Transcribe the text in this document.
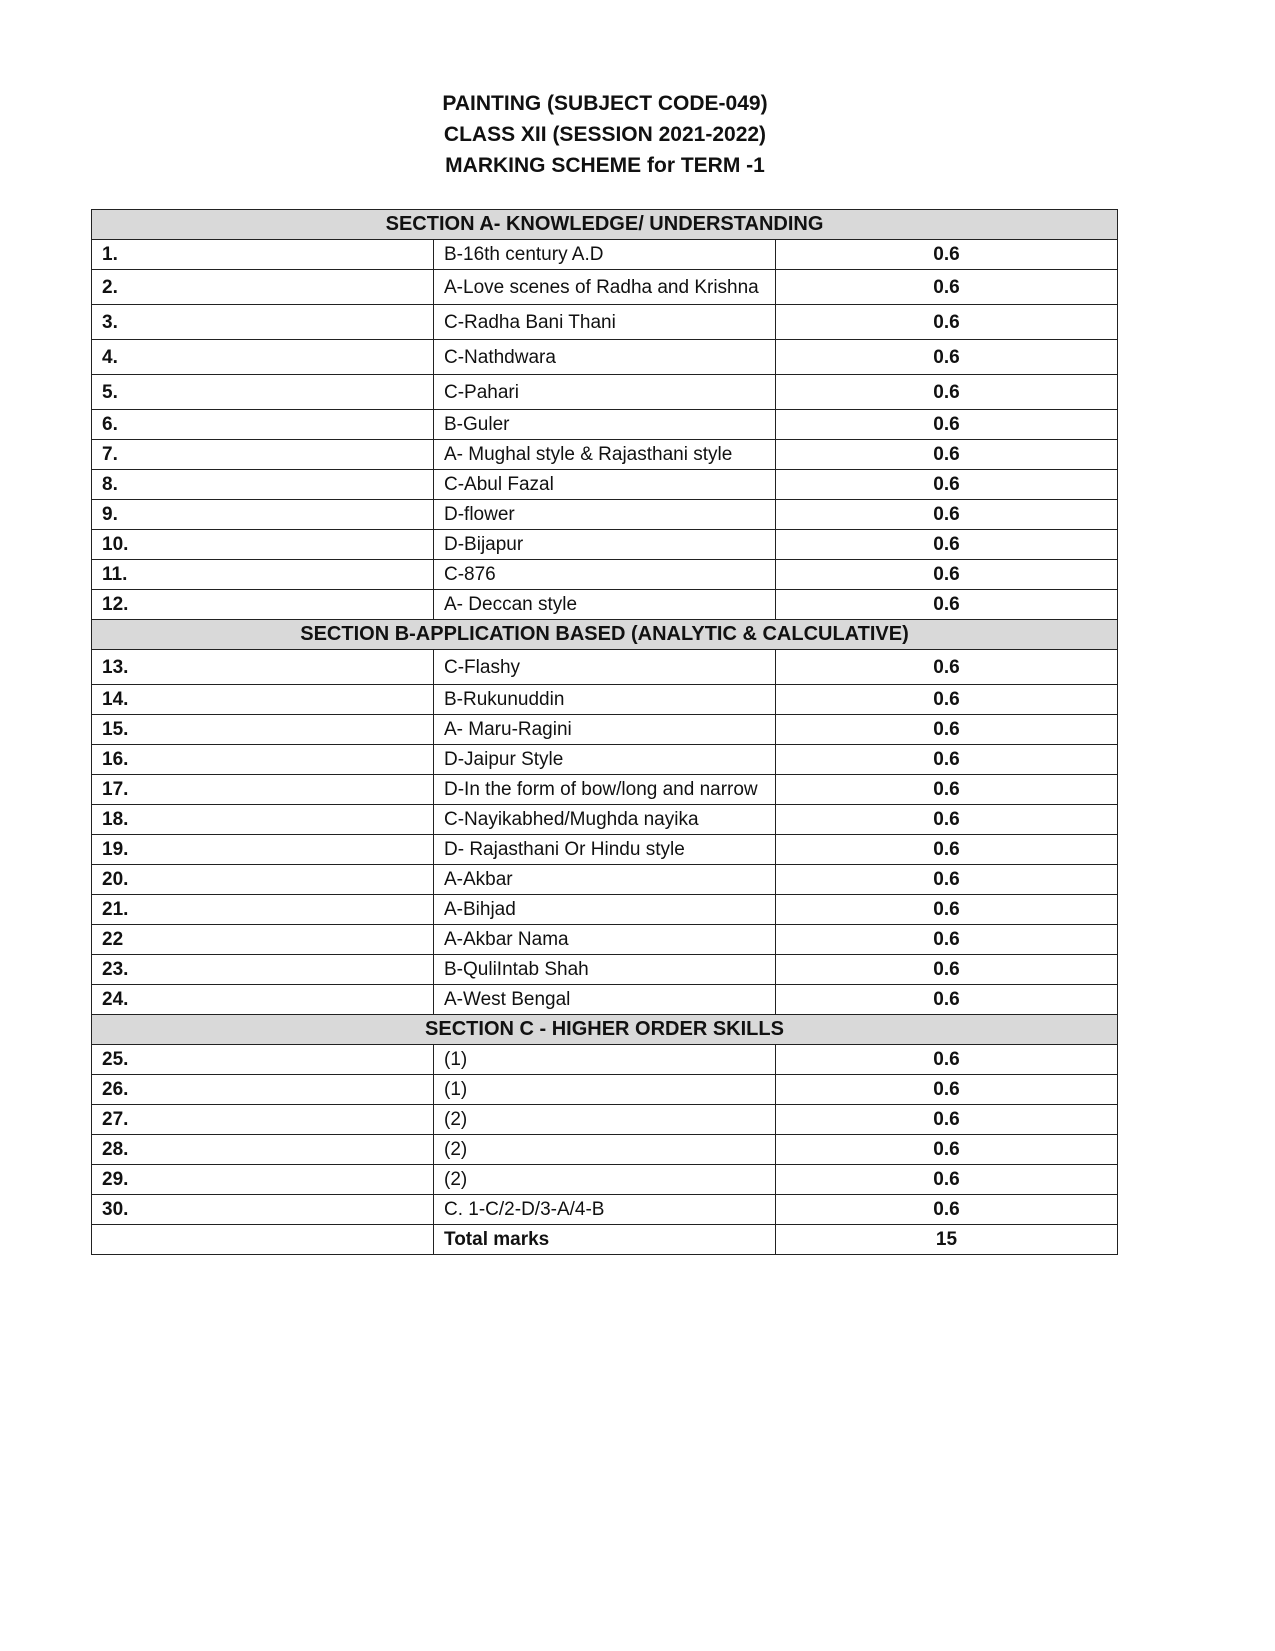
PAINTING (SUBJECT CODE-049)
CLASS XII (SESSION 2021-2022)
MARKING SCHEME for TERM -1
SECTION A- KNOWLEDGE/ UNDERSTANDING		
1.	B-16th century A.D	0.6
2.	A-Love scenes of Radha and Krishna	0.6
3.	C-Radha Bani Thani	0.6
4.	C-Nathdwara	0.6
5.	C-Pahari	0.6
6.	B-Guler	0.6
7.	A- Mughal style & Rajasthani style	0.6
8.	C-Abul Fazal	0.6
9.	D-flower	0.6
10.	D-Bijapur	0.6
11.	C-876	0.6
12.	A- Deccan style	0.6
SECTION B-APPLICATION BASED (ANALYTIC & CALCULATIVE)		
13.	C-Flashy	0.6
14.	B-Rukunuddin	0.6
15.	A- Maru-Ragini	0.6
16.	D-Jaipur Style	0.6
17.	D-In the form of bow/long and narrow	0.6
18.	C-Nayikabhed/Mughda nayika	0.6
19.	D- Rajasthani Or Hindu style	0.6
20.	A-Akbar	0.6
21.	A-Bihjad	0.6
22	A-Akbar Nama	0.6
23.	B-QuliIntab Shah	0.6
24.	A-West Bengal	0.6
SECTION C - HIGHER ORDER SKILLS		
25.	(1)	0.6
26.	(1)	0.6
27.	(2)	0.6
28.	(2)	0.6
29.	(2)	0.6
30.	C. 1-C/2-D/3-A/4-B	0.6
	Total marks	15
